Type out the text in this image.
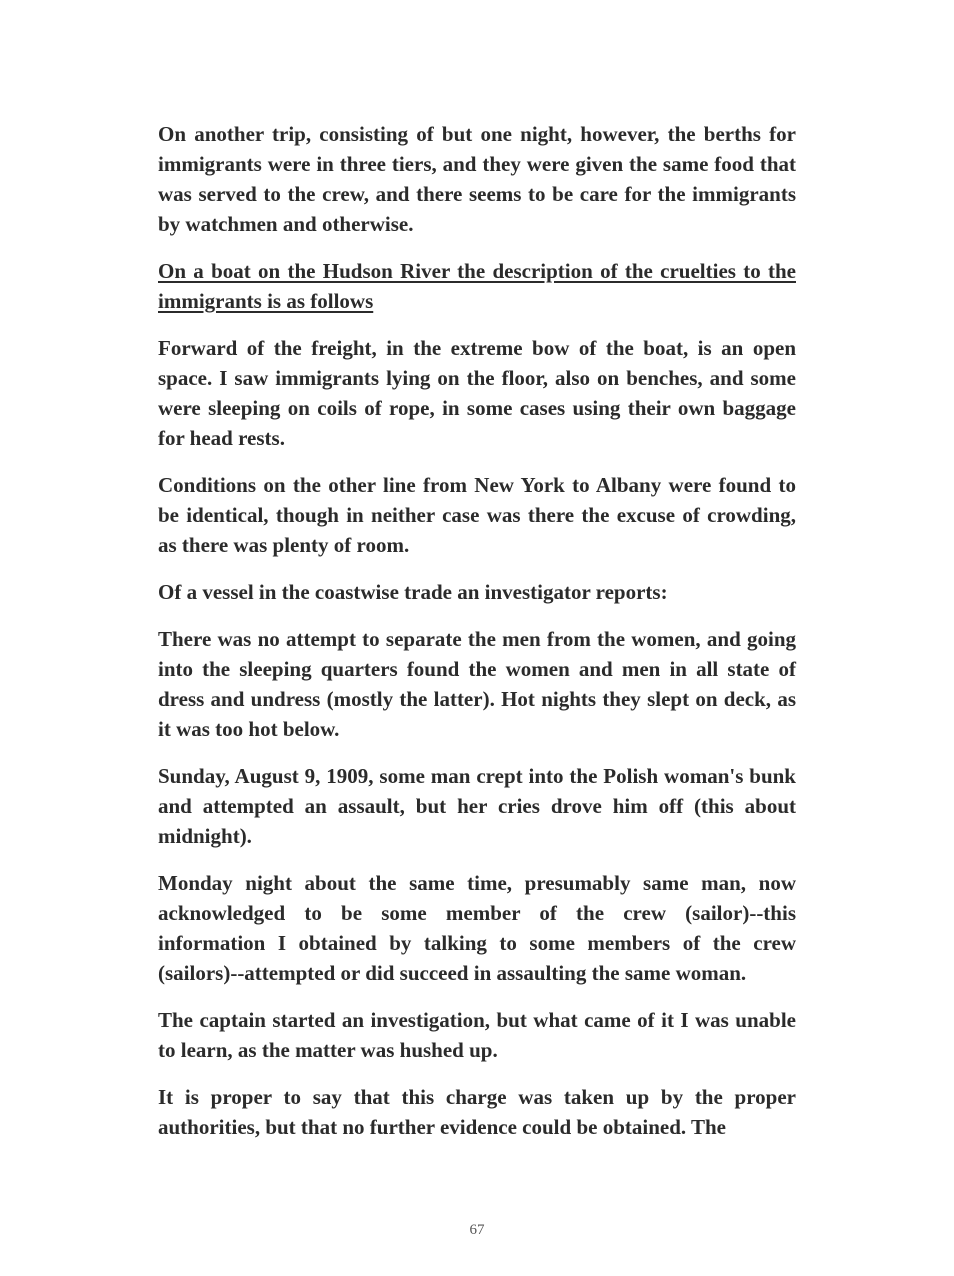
On another trip, consisting of but one night, however, the berths for immigrants were in three tiers, and they were given the same food that was served to the crew, and there seems to be care for the immigrants by watchmen and otherwise.

On a boat on the Hudson River the description of the cruelties to the immigrants is as follows

Forward of the freight, in the extreme bow of the boat, is an open space. I saw immigrants lying on the floor, also on benches, and some were sleeping on coils of rope, in some cases using their own baggage for head rests.

Conditions on the other line from New York to Albany were found to be identical, though in neither case was there the excuse of crowding, as there was plenty of room.

Of a vessel in the coastwise trade an investigator reports:

There was no attempt to separate the men from the women, and going into the sleeping quarters found the women and men in all state of dress and undress (mostly the latter). Hot nights they slept on deck, as it was too hot below.

Sunday, August 9, 1909, some man crept into the Polish woman's bunk and attempted an assault, but her cries drove him off (this about midnight).

Monday night about the same time, presumably same man, now acknowledged to be some member of the crew (sailor)--this information I obtained by talking to some members of the crew (sailors)--attempted or did succeed in assaulting the same woman.

The captain started an investigation, but what came of it I was unable to learn, as the matter was hushed up.

It is proper to say that this charge was taken up by the proper authorities, but that no further evidence could be obtained. The

67
